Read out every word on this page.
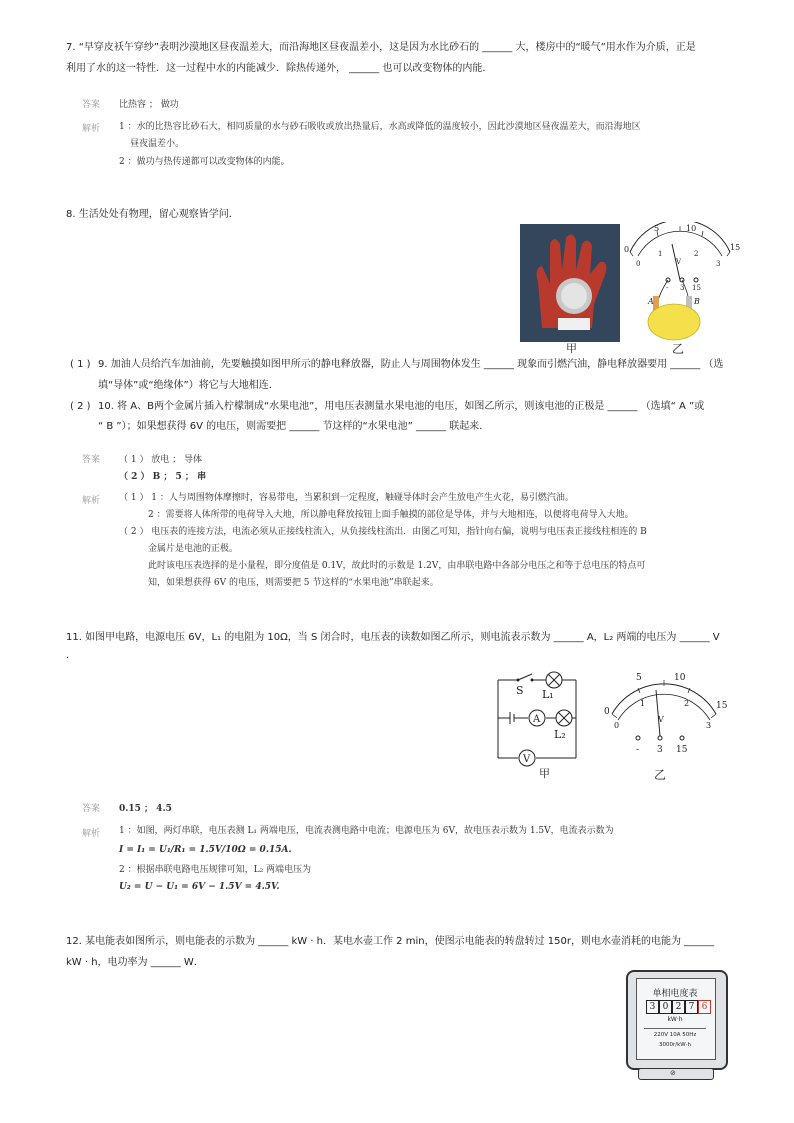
7. “早穿皮袄午穿纱”表明沙漠地区昼夜温差大，而沿海地区昼夜温差小，这是因为水比砂石的 ______ 大，楼房中的“暖气”用水作为介质，正是
利用了水的这一特性．这一过程中水的内能减少．除热传递外， ______ 也可以改变物体的内能．
答案 比热容 ； 做功
解析 1 ：水的比热容比砂石大，相同质量的水与砂石吸收或放出热量后，水高或降低的温度较小，因此沙漠地区昼夜温差大，而沿海地区
昼夜温差小。
2 ：做功与热传递都可以改变物体的内能。
8. 生活处处有物理，留心观察皆学问．
甲
5	10
15
0
0
1	2
3
V
- 3 15
A	B
乙
( 1 ) 9. 加油人员给汽车加油前，先要触摸如图甲所示的静电释放器，防止人与周围物体发生 ______ 现象而引燃汽油，静电释放器要用 ______ （选
填“导体”或“绝缘体”）将它与大地相连．
( 2 ) 10. 将 A、B两个金属片插入柠檬制成“水果电池”，用电压表测量水果电池的电压，如图乙所示，则该电池的正极是 ______ （选填“ A ”或
“ B ”）；如果想获得 6V 的电压，则需要把 ______ 节这样的“水果电池” ______ 联起来．
答案 （ 1 ） 放电 ； 导体
（ 2 ） B ； 5 ； 串
解析 （ 1 ） 1 ：人与周围物体摩擦时，容易带电，当累积到一定程度，触碰导体时会产生放电产生火花，易引燃汽油。
2 ：需要将人体所带的电荷导入大地，所以静电释放按钮上面手触摸的部位是导体，并与大地相连，以便将电荷导入大地。
（ 2 ） 电压表的连接方法，电流必须从正接线柱流入，从负接线柱流出．由图乙可知，指针向右偏，说明与电压表正接线柱相连的 B
金属片是电池的正极。
此时该电压表选择的是小量程，即分度值是 0.1V，故此时的示数是 1.2V，由串联电路中各部分电压之和等于总电压的特点可
知，如果想获得 6V 的电压，则需要把 5 节这样的“水果电池”串联起来。
11. 如图甲电路，电源电压 6V，L₁ 的电阻为 10Ω，当 S 闭合时，电压表的读数如图乙所示，则电流表示数为 ______ A，L₂ 两端的电压为 ______ V
.
S L₁
A
L₂
V
甲
0
5	10
15
0
1	2
3
V
- 3 15
乙
答案 0.15 ； 4.5
解析 1 ：如图，两灯串联，电压表测 L₁ 两端电压，电流表测电路中电流；电源电压为 6V，故电压表示数为 1.5V，电流表示数为
I = I₁ = U₁/R₁ = 1.5V/10Ω = 0.15A.
2 ：根据串联电路电压规律可知，L₂ 两端电压为
U₂ = U − U₁ = 6V − 1.5V = 4.5V.
12. 某电能表如图所示，则电能表的示数为 ______ kW · h．某电水壶工作 2 min，使图示电能表的转盘转过 150r，则电水壶消耗的电能为 ______
kW · h，电功率为 ______ W．
单相电度表
3 0 2 7 6
kW·h
220V 10A 50Hz
3000r/kW·h
⊘
